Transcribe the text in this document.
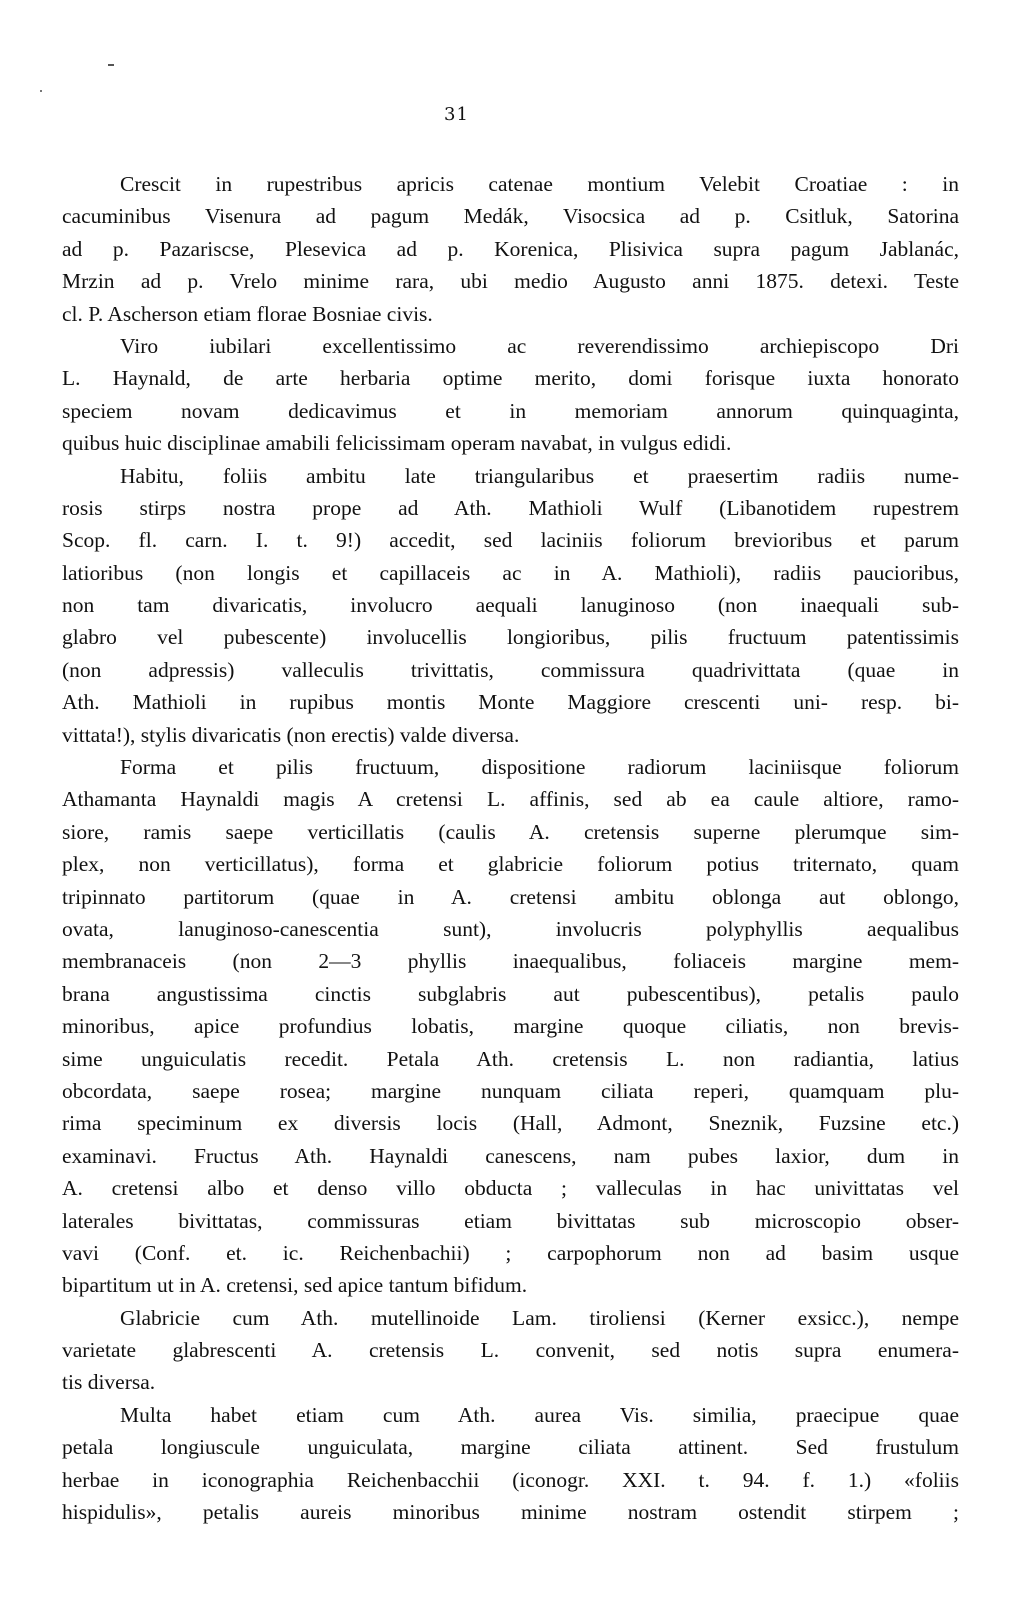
31
Crescit in rupestribus apricis catenae montium Velebit Croatiae : in
cacuminibus Visenura ad pagum Medák, Visocsica ad p. Csitluk, Satorina
ad p. Pazariscse, Plesevica ad p. Korenica, Plisivica supra pagum Jablanác,
Mrzin ad p. Vrelo minime rara, ubi medio Augusto anni 1875. detexi. Teste
cl. P. Ascherson etiam florae Bosniae civis.
Viro iubilari excellentissimo ac reverendissimo archiepiscopo Dri
L. Haynald, de arte herbaria optime merito, domi forisque iuxta honorato
speciem novam dedicavimus et in memoriam annorum quinquaginta,
quibus huic disciplinae amabili felicissimam operam navabat, in vulgus edidi.
Habitu, foliis ambitu late triangularibus et praesertim radiis nume-
rosis stirps nostra prope ad Ath. Mathioli Wulf (Libanotidem rupestrem
Scop. fl. carn. I. t. 9!) accedit, sed laciniis foliorum brevioribus et parum
latioribus (non longis et capillaceis ac in A. Mathioli), radiis paucioribus,
non tam divaricatis, involucro aequali lanuginoso (non inaequali sub-
glabro vel pubescente) involucellis longioribus, pilis fructuum patentissimis
(non adpressis) valleculis trivittatis, commissura quadrivittata (quae in
Ath. Mathioli in rupibus montis Monte Maggiore crescenti uni- resp. bi-
vittata!), stylis divaricatis (non erectis) valde diversa.
Forma et pilis fructuum, dispositione radiorum laciniisque foliorum
Athamanta Haynaldi magis A cretensi L. affinis, sed ab ea caule altiore, ramo-
siore, ramis saepe verticillatis (caulis A. cretensis superne plerumque sim-
plex, non verticillatus), forma et glabricie foliorum potius triternato, quam
tripinnato partitorum (quae in A. cretensi ambitu oblonga aut oblongo,
ovata, lanuginoso-canescentia sunt), involucris polyphyllis aequalibus
membranaceis (non 2—3 phyllis inaequalibus, foliaceis margine mem-
brana angustissima cinctis subglabris aut pubescentibus), petalis paulo
minoribus, apice profundius lobatis, margine quoque ciliatis, non brevis-
sime unguiculatis recedit. Petala Ath. cretensis L. non radiantia, latius
obcordata, saepe rosea; margine nunquam ciliata reperi, quamquam plu-
rima speciminum ex diversis locis (Hall, Admont, Sneznik, Fuzsine etc.)
examinavi. Fructus Ath. Haynaldi canescens, nam pubes laxior, dum in
A. cretensi albo et denso villo obducta ; valleculas in hac univittatas vel
laterales bivittatas, commissuras etiam bivittatas sub microscopio obser-
vavi (Conf. et. ic. Reichenbachii) ; carpophorum non ad basim usque
bipartitum ut in A. cretensi, sed apice tantum bifidum.
Glabricie cum Ath. mutellinoide Lam. tiroliensi (Kerner exsicc.), nempe
varietate glabrescenti A. cretensis L. convenit, sed notis supra enumera-
tis diversa.
Multa habet etiam cum Ath. aurea Vis. similia, praecipue quae
petala longiuscule unguiculata, margine ciliata attinent. Sed frustulum
herbae in iconographia Reichenbacchii (iconogr. XXI. t. 94. f. 1.) «foliis
hispidulis», petalis aureis minoribus minime nostram ostendit stirpem ;
